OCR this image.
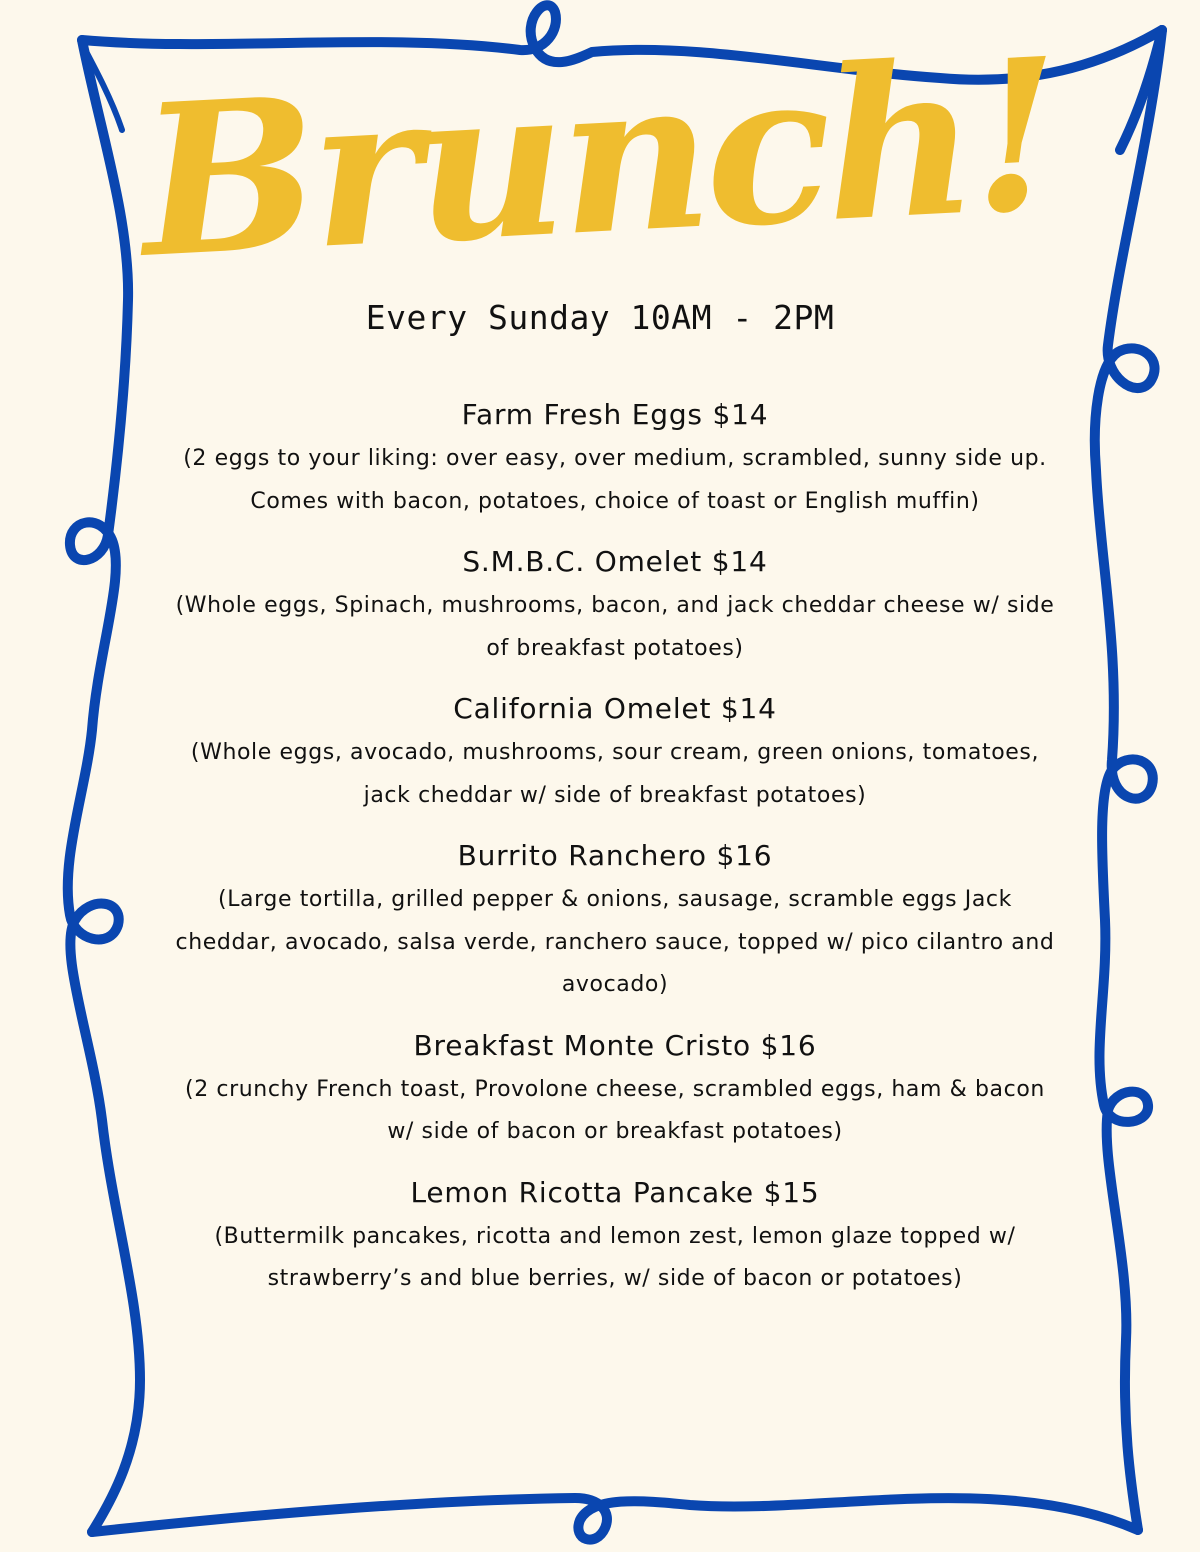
Brunch!
Every Sunday 10AM - 2PM
Farm Fresh Eggs $14
(2 eggs to your liking: over easy, over medium, scrambled, sunny side up. Comes with bacon, potatoes, choice of toast or English muffin)
S.M.B.C. Omelet $14
(Whole eggs, Spinach, mushrooms, bacon, and jack cheddar cheese w/ side of breakfast potatoes)
California Omelet $14
(Whole eggs, avocado, mushrooms, sour cream, green onions, tomatoes, jack cheddar w/ side of breakfast potatoes)
Burrito Ranchero $16
(Large tortilla, grilled pepper & onions, sausage, scramble eggs Jack cheddar, avocado, salsa verde, ranchero sauce, topped w/ pico cilantro and avocado)
Breakfast Monte Cristo $16
(2 crunchy French toast, Provolone cheese, scrambled eggs, ham & bacon w/ side of bacon or breakfast potatoes)
Lemon Ricotta Pancake $15
(Buttermilk pancakes, ricotta and lemon zest, lemon glaze topped w/ strawberry’s and blue berries, w/ side of bacon or potatoes)
